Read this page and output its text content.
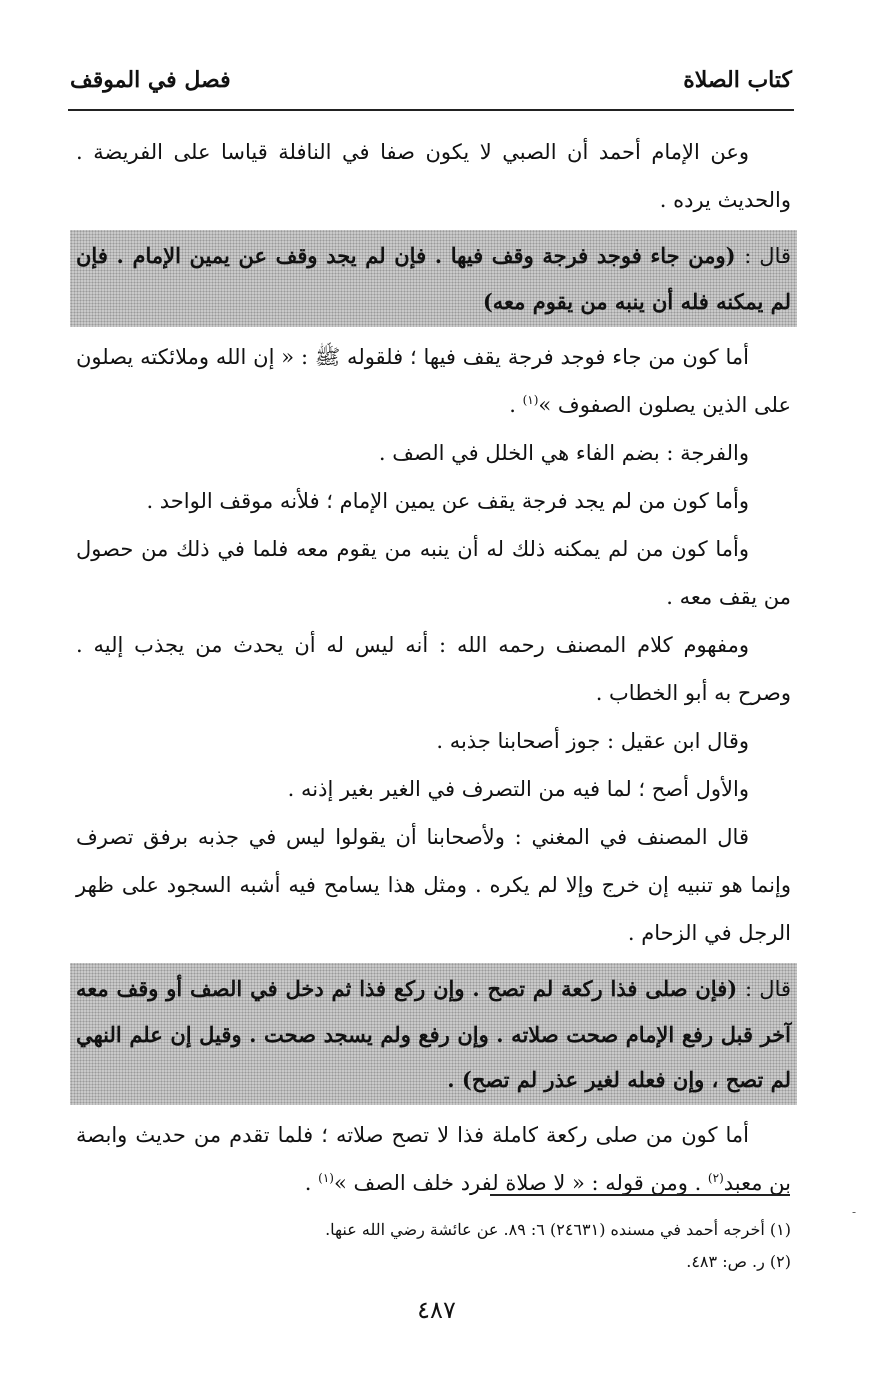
كتاب الصلاة
فصل في الموقف
وعن الإمام أحمد أن الصبي لا يكون صفا في النافلة قياسا على الفريضة . والحديث يرده .
قال : (ومن جاء فوجد فرجة وقف فيها . فإن لم يجد وقف عن يمين الإمام . فإن لم يمكنه فله أن ينبه من يقوم معه)
أما كون من جاء فوجد فرجة يقف فيها ؛ فلقوله ﷺ : « إن الله وملائكته يصلون على الذين يصلون الصفوف »$^{(١)}$ .
والفرجة : بضم الفاء هي الخلل في الصف .
وأما كون من لم يجد فرجة يقف عن يمين الإمام ؛ فلأنه موقف الواحد .
وأما كون من لم يمكنه ذلك له أن ينبه من يقوم معه فلما في ذلك من حصول من يقف معه .
ومفهوم كلام المصنف رحمه الله : أنه ليس له أن يحدث من يجذب إليه . وصرح به أبو الخطاب .
وقال ابن عقيل : جوز أصحابنا جذبه .
والأول أصح ؛ لما فيه من التصرف في الغير بغير إذنه .
قال المصنف في المغني : ولأصحابنا أن يقولوا ليس في جذبه برفق تصرف وإنما هو تنبيه إن خرج وإلا لم يكره . ومثل هذا يسامح فيه أشبه السجود على ظهر الرجل في الزحام .
قال : (فإن صلى فذا ركعة لم تصح . وإن ركع فذا ثم دخل في الصف أو وقف معه آخر قبل رفع الإمام صحت صلاته . وإن رفع ولم يسجد صحت . وقيل إن علم النهي لم تصح ، وإن فعله لغير عذر لم تصح) .
أما كون من صلى ركعة كاملة فذا لا تصح صلاته ؛ فلما تقدم من حديث وابصة بن معبد$^{(٢)}$ . ومن قوله : « لا صلاة لفرد خلف الصف »$^{(١)}$ .
(١) أخرجه أحمد في مسنده (٢٤٦٣١) ٦: ٨٩. عن عائشة رضي الله عنها.
(٢) ر. ص: ٤٨٣.
-
٤٨٧
